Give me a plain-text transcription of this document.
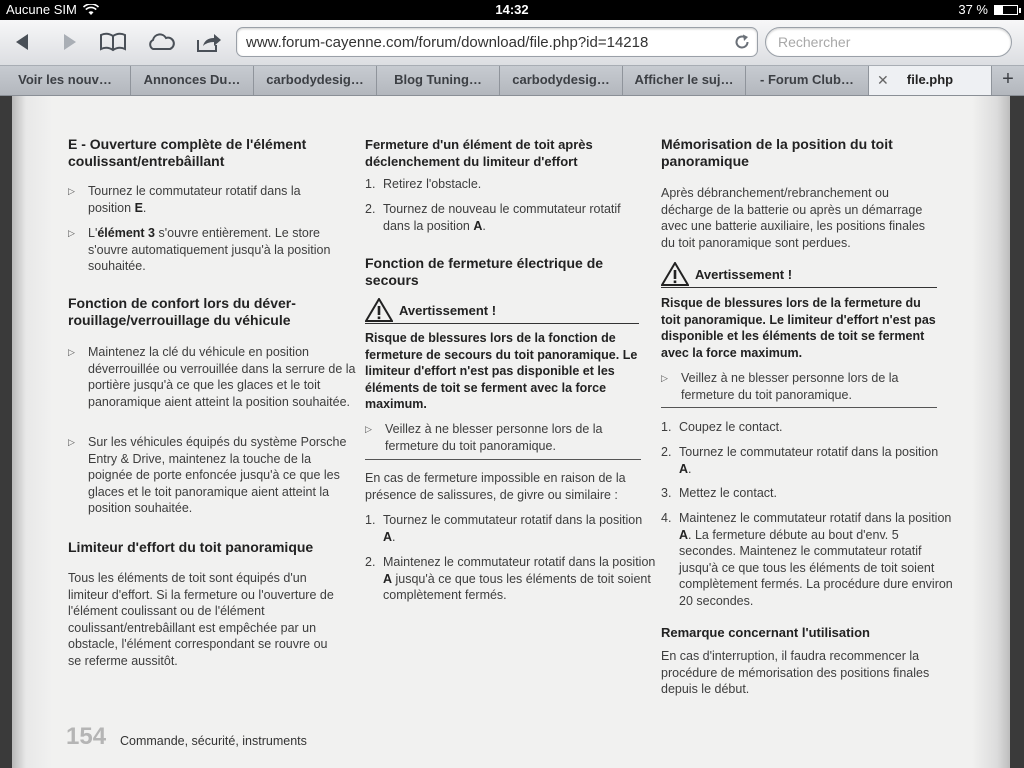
Aucune SIM	14:32	37 %
www.forum-cayenne.com/forum/download/file.php?id=14218	Rechercher
Voir les nouv…	Annonces Du…	carbodydesig…	Blog Tuning…	carbodydesig…	Afficher le suj…	- Forum Club…	✕ file.php	+
E - Ouverture complète de l'élément coulissant/entrebâillant
▷ Tournez le commutateur rotatif dans la position E.
▷ L'élément 3 s'ouvre entièrement. Le store s'ouvre automatiquement jusqu'à la position souhaitée.
Fonction de confort lors du déver-rouillage/verrouillage du véhicule
▷ Maintenez la clé du véhicule en position déverrouillée ou verrouillée dans la serrure de la portière jusqu'à ce que les glaces et le toit panoramique aient atteint la position souhaitée.
▷ Sur les véhicules équipés du système Porsche Entry & Drive, maintenez la touche de la poignée de porte enfoncée jusqu'à ce que les glaces et le toit panoramique aient atteint la position souhaitée.
Limiteur d'effort du toit panoramique
Tous les éléments de toit sont équipés d'un limiteur d'effort. Si la fermeture ou l'ouverture de l'élément coulissant ou de l'élément coulissant/entrebâillant est empêchée par un obstacle, l'élément correspondant se rouvre ou se referme aussitôt.
Fermeture d'un élément de toit après déclenchement du limiteur d'effort
1. Retirez l'obstacle.
2. Tournez de nouveau le commutateur rotatif dans la position A.
Fonction de fermeture électrique de secours
Avertissement !
Risque de blessures lors de la fonction de fermeture de secours du toit panoramique. Le limiteur d'effort n'est pas disponible et les éléments de toit se ferment avec la force maximum.
▷ Veillez à ne blesser personne lors de la fermeture du toit panoramique.
En cas de fermeture impossible en raison de la présence de salissures, de givre ou similaire :
1. Tournez le commutateur rotatif dans la position A.
2. Maintenez le commutateur rotatif dans la position A jusqu'à ce que tous les éléments de toit soient complètement fermés.
Mémorisation de la position du toit panoramique
Après débranchement/rebranchement ou décharge de la batterie ou après un démarrage avec une batterie auxiliaire, les positions finales du toit panoramique sont perdues.
Avertissement !
Risque de blessures lors de la fermeture du toit panoramique. Le limiteur d'effort n'est pas disponible et les éléments de toit se ferment avec la force maximum.
▷ Veillez à ne blesser personne lors de la fermeture du toit panoramique.
1. Coupez le contact.
2. Tournez le commutateur rotatif dans la position A.
3. Mettez le contact.
4. Maintenez le commutateur rotatif dans la position A. La fermeture débute au bout d'env. 5 secondes. Maintenez le commutateur rotatif jusqu'à ce que tous les éléments de toit soient complètement fermés. La procédure dure environ 20 secondes.
Remarque concernant l'utilisation
En cas d'interruption, il faudra recommencer la procédure de mémorisation des positions finales depuis le début.
154 Commande, sécurité, instruments
